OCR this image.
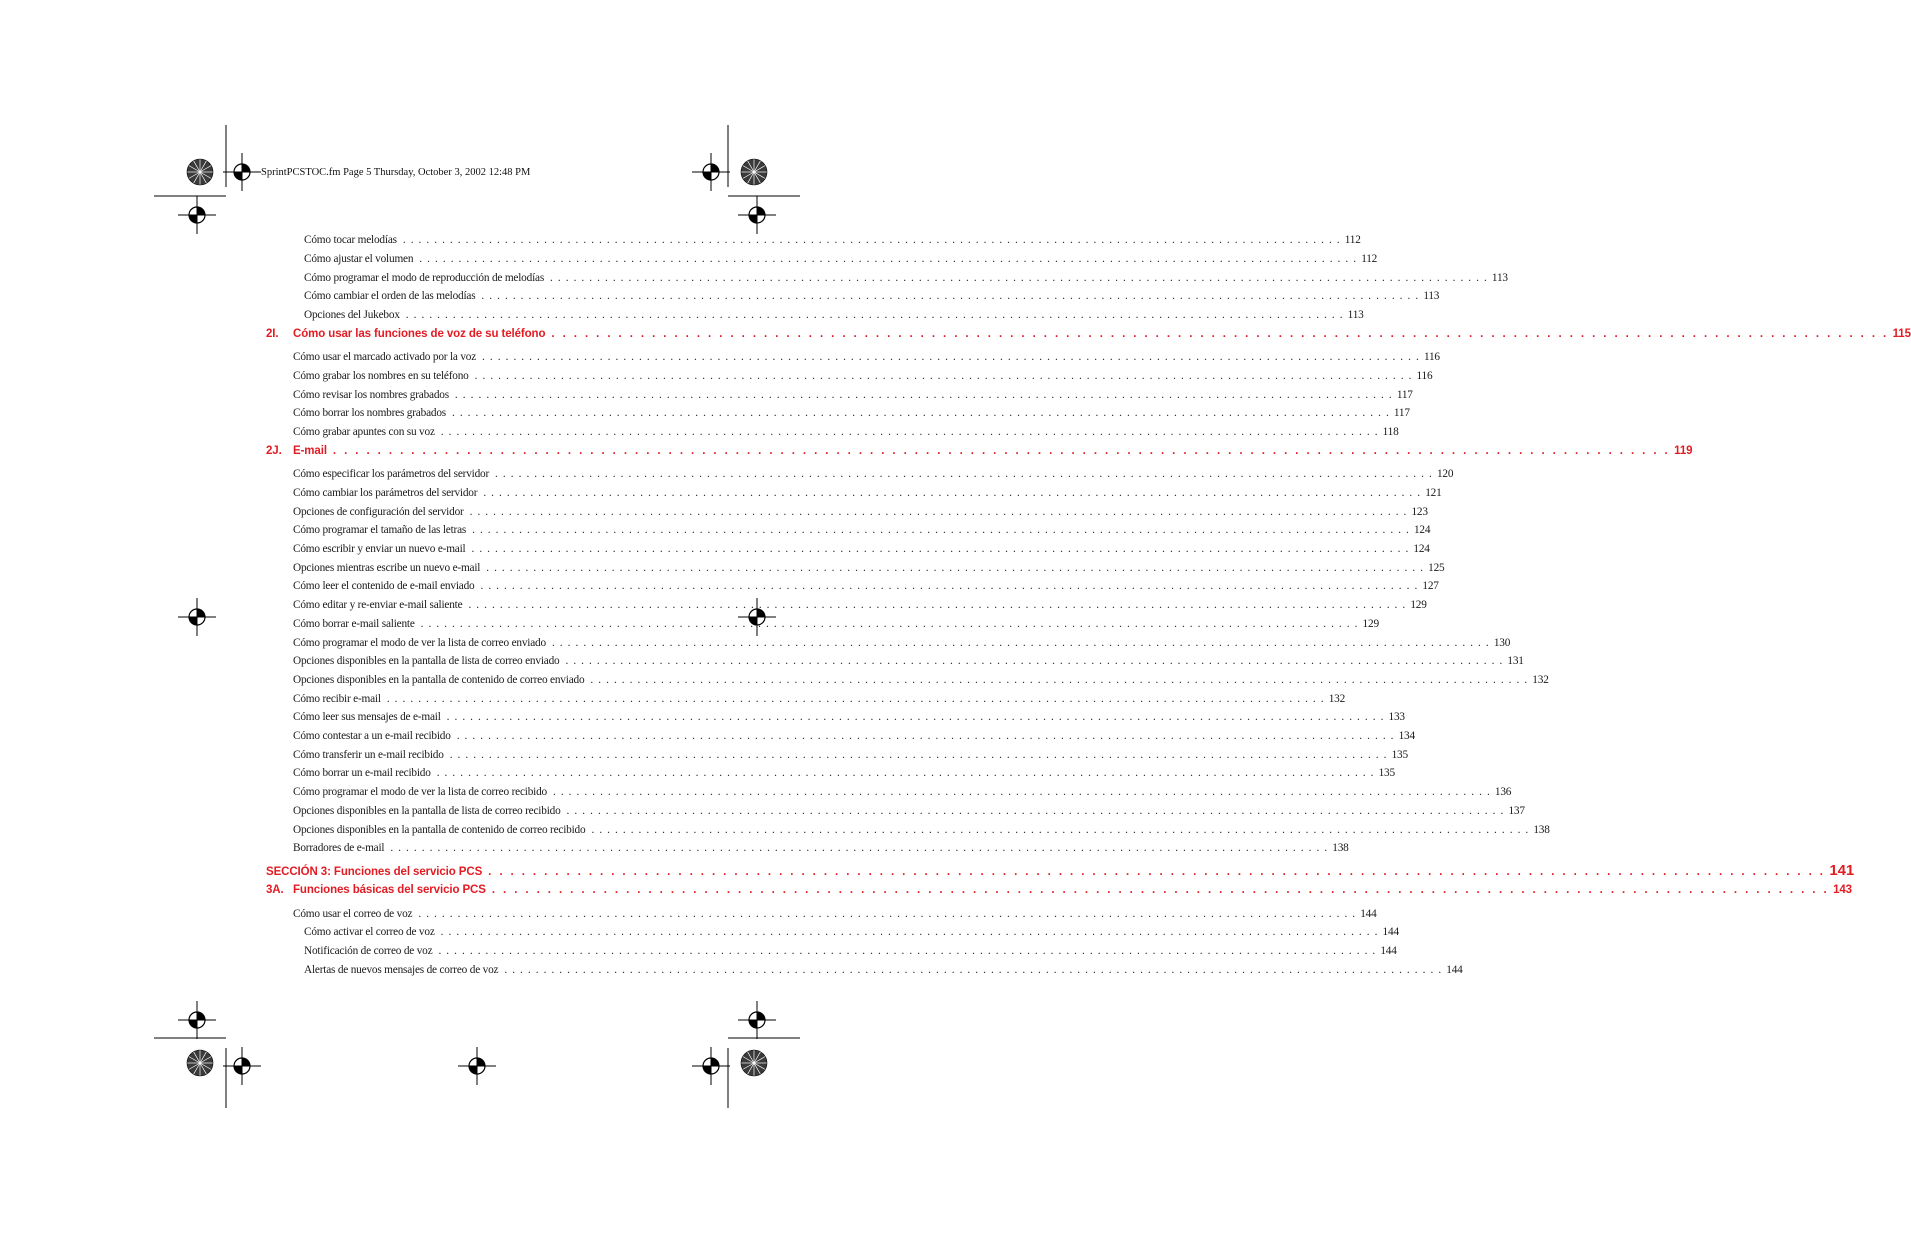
SprintPCSTOC.fm Page 5 Thursday, October 3, 2002 12:48 PM
Cómo tocar melodías . . . . . . . . . . . . . . . . . . . . . . . . . . . . . . . . . . . . . . . . . . . . . . . . . . . . . . . . . . . . . . . . . . . . . . . . . . . . . . . . . . . . . . . . . . . . . . . . . . . . . . . . . . . . . . . . . . . . . . . . 112
Cómo ajustar el volumen . . . . . . . . . . . . . . . . . . . . . . . . . . . . . . . . . . . . . . . . . . . . . . . . . . . . . . . . . . . . . . . . . . . . . . . . . . . . . . . . . . . . . . . . . . . . . . . . . . . . . . . . . . . . . . . . . . . . . . . . 112
Cómo programar el modo de reproducción de melodías . . . . . . . . . . . . . . . . . . . . . . . . . . . . . . . . . . . . . . . . . . . . . . . . . . . . . . . . . . . . . . . . . . . . . . . . . . . . . . . . . . . . . . . . . . . . . . . . . . . . . . . . . . . . . . . . . . . . . . . . 113
Cómo cambiar el orden de las melodías . . . . . . . . . . . . . . . . . . . . . . . . . . . . . . . . . . . . . . . . . . . . . . . . . . . . . . . . . . . . . . . . . . . . . . . . . . . . . . . . . . . . . . . . . . . . . . . . . . . . . . . . . . . . . . . . . . . . . . . . 113
Opciones del Jukebox . . . . . . . . . . . . . . . . . . . . . . . . . . . . . . . . . . . . . . . . . . . . . . . . . . . . . . . . . . . . . . . . . . . . . . . . . . . . . . . . . . . . . . . . . . . . . . . . . . . . . . . . . . . . . . . . . . . . . . . . 113
2I.	Cómo usar las funciones de voz de su teléfono . . . . . . . . . . . . . . . . . . . . . . . . . . . . . . . . . . . . . . . . . . . . . . . . . . . . . . . . . . . . . . . . . . . . . . . . . . . . . . . . . . . . . . . . . . . . . . . . . . . . . . . . . . . . . . . . . . . . . . . . 115
Cómo usar el marcado activado por la voz . . . . . . . . . . . . . . . . . . . . . . . . . . . . . . . . . . . . . . . . . . . . . . . . . . . . . . . . . . . . . . . . . . . . . . . . . . . . . . . . . . . . . . . . . . . . . . . . . . . . . . . . . . . . . . . . . . . . . . . . 116
Cómo grabar los nombres en su teléfono . . . . . . . . . . . . . . . . . . . . . . . . . . . . . . . . . . . . . . . . . . . . . . . . . . . . . . . . . . . . . . . . . . . . . . . . . . . . . . . . . . . . . . . . . . . . . . . . . . . . . . . . . . . . . . . . . . . . . . . . 116
Cómo revisar los nombres grabados . . . . . . . . . . . . . . . . . . . . . . . . . . . . . . . . . . . . . . . . . . . . . . . . . . . . . . . . . . . . . . . . . . . . . . . . . . . . . . . . . . . . . . . . . . . . . . . . . . . . . . . . . . . . . . . . . . . . . . . . 117
Cómo borrar los nombres grabados . . . . . . . . . . . . . . . . . . . . . . . . . . . . . . . . . . . . . . . . . . . . . . . . . . . . . . . . . . . . . . . . . . . . . . . . . . . . . . . . . . . . . . . . . . . . . . . . . . . . . . . . . . . . . . . . . . . . . . . . 117
Cómo grabar apuntes con su voz . . . . . . . . . . . . . . . . . . . . . . . . . . . . . . . . . . . . . . . . . . . . . . . . . . . . . . . . . . . . . . . . . . . . . . . . . . . . . . . . . . . . . . . . . . . . . . . . . . . . . . . . . . . . . . . . . . . . . . . . 118
2J. E-mail . . . . . . . . . . . . . . . . . . . . . . . . . . . . . . . . . . . . . . . . . . . . . . . . . . . . . . . . . . . . . . . . . . . . . . . . . . . . . . . . . . . . . . . . . . . . . . . . . . . . . . . . . . . . . . . . . . . . . . . . 119
Cómo especificar los parámetros del servidor . . . . . . . . . . . . . . . . . . . . . . . . . . . . . . . . . . . . . . . . . . . . . . . . . . . . . . . . . . . . . . . . . . . . . . . . . . . . . . . . . . . . . . . . . . . . . . . . . . . . . . . . . . . . . . . . . . . . . . . . 120
Cómo cambiar los parámetros del servidor . . . . . . . . . . . . . . . . . . . . . . . . . . . . . . . . . . . . . . . . . . . . . . . . . . . . . . . . . . . . . . . . . . . . . . . . . . . . . . . . . . . . . . . . . . . . . . . . . . . . . . . . . . . . . . . . . . . . . . . . 121
Opciones de configuración del servidor . . . . . . . . . . . . . . . . . . . . . . . . . . . . . . . . . . . . . . . . . . . . . . . . . . . . . . . . . . . . . . . . . . . . . . . . . . . . . . . . . . . . . . . . . . . . . . . . . . . . . . . . . . . . . . . . . . . . . . . . 123
Cómo programar el tamaño de las letras . . . . . . . . . . . . . . . . . . . . . . . . . . . . . . . . . . . . . . . . . . . . . . . . . . . . . . . . . . . . . . . . . . . . . . . . . . . . . . . . . . . . . . . . . . . . . . . . . . . . . . . . . . . . . . . . . . . . . . . . 124
Cómo escribir y enviar un nuevo e-mail . . . . . . . . . . . . . . . . . . . . . . . . . . . . . . . . . . . . . . . . . . . . . . . . . . . . . . . . . . . . . . . . . . . . . . . . . . . . . . . . . . . . . . . . . . . . . . . . . . . . . . . . . . . . . . . . . . . . . . . . 124
Opciones mientras escribe un nuevo e-mail . . . . . . . . . . . . . . . . . . . . . . . . . . . . . . . . . . . . . . . . . . . . . . . . . . . . . . . . . . . . . . . . . . . . . . . . . . . . . . . . . . . . . . . . . . . . . . . . . . . . . . . . . . . . . . . . . . . . . . . . 125
Cómo leer el contenido de e-mail enviado . . . . . . . . . . . . . . . . . . . . . . . . . . . . . . . . . . . . . . . . . . . . . . . . . . . . . . . . . . . . . . . . . . . . . . . . . . . . . . . . . . . . . . . . . . . . . . . . . . . . . . . . . . . . . . . . . . . . . . . . 127
Cómo editar y re-enviar e-mail saliente . . . . . . . . . . . . . . . . . . . . . . . . . . . . . . . . . . . . . . . . . . . . . . . . . . . . . . . . . . . . . . . . . . . . . . . . . . . . . . . . . . . . . . . . . . . . . . . . . . . . . . . . . . . . . . . . . . . . . . . . 129
Cómo borrar e-mail saliente . . . . . . . . . . . . . . . . . . . . . . . . . . . . . . . . . . . . . . . . . . . . . . . . . . . . . . . . . . . . . . . . . . . . . . . . . . . . . . . . . . . . . . . . . . . . . . . . . . . . . . . . . . . . . . . . . . . . . . . . 129
Cómo programar el modo de ver la lista de correo enviado . . . . . . . . . . . . . . . . . . . . . . . . . . . . . . . . . . . . . . . . . . . . . . . . . . . . . . . . . . . . . . . . . . . . . . . . . . . . . . . . . . . . . . . . . . . . . . . . . . . . . . . . . . . . . . . . . . . . . . . . 130
Opciones disponibles en la pantalla de lista de correo enviado . . . . . . . . . . . . . . . . . . . . . . . . . . . . . . . . . . . . . . . . . . . . . . . . . . . . . . . . . . . . . . . . . . . . . . . . . . . . . . . . . . . . . . . . . . . . . . . . . . . . . . . . . . . . . . . . . . . . . . . . 131
Opciones disponibles en la pantalla de contenido de correo enviado . . . . . . . . . . . . . . . . . . . . . . . . . . . . . . . . . . . . . . . . . . . . . . . . . . . . . . . . . . . . . . . . . . . . . . . . . . . . . . . . . . . . . . . . . . . . . . . . . . . . . . . . . . . . . . . . . . . . . . . . 132
Cómo recibir e-mail . . . . . . . . . . . . . . . . . . . . . . . . . . . . . . . . . . . . . . . . . . . . . . . . . . . . . . . . . . . . . . . . . . . . . . . . . . . . . . . . . . . . . . . . . . . . . . . . . . . . . . . . . . . . . . . . . . . . . . . . 132
Cómo leer sus mensajes de e-mail . . . . . . . . . . . . . . . . . . . . . . . . . . . . . . . . . . . . . . . . . . . . . . . . . . . . . . . . . . . . . . . . . . . . . . . . . . . . . . . . . . . . . . . . . . . . . . . . . . . . . . . . . . . . . . . . . . . . . . . . 133
Cómo contestar a un e-mail recibido . . . . . . . . . . . . . . . . . . . . . . . . . . . . . . . . . . . . . . . . . . . . . . . . . . . . . . . . . . . . . . . . . . . . . . . . . . . . . . . . . . . . . . . . . . . . . . . . . . . . . . . . . . . . . . . . . . . . . . . . 134
Cómo transferir un e-mail recibido . . . . . . . . . . . . . . . . . . . . . . . . . . . . . . . . . . . . . . . . . . . . . . . . . . . . . . . . . . . . . . . . . . . . . . . . . . . . . . . . . . . . . . . . . . . . . . . . . . . . . . . . . . . . . . . . . . . . . . . . 135
Cómo borrar un e-mail recibido . . . . . . . . . . . . . . . . . . . . . . . . . . . . . . . . . . . . . . . . . . . . . . . . . . . . . . . . . . . . . . . . . . . . . . . . . . . . . . . . . . . . . . . . . . . . . . . . . . . . . . . . . . . . . . . . . . . . . . . . 135
Cómo programar el modo de ver la lista de correo recibido . . . . . . . . . . . . . . . . . . . . . . . . . . . . . . . . . . . . . . . . . . . . . . . . . . . . . . . . . . . . . . . . . . . . . . . . . . . . . . . . . . . . . . . . . . . . . . . . . . . . . . . . . . . . . . . . . . . . . . . . 136
Opciones disponibles en la pantalla de lista de correo recibido . . . . . . . . . . . . . . . . . . . . . . . . . . . . . . . . . . . . . . . . . . . . . . . . . . . . . . . . . . . . . . . . . . . . . . . . . . . . . . . . . . . . . . . . . . . . . . . . . . . . . . . . . . . . . . . . . . . . . . . . 137
Opciones disponibles en la pantalla de contenido de correo recibido . . . . . . . . . . . . . . . . . . . . . . . . . . . . . . . . . . . . . . . . . . . . . . . . . . . . . . . . . . . . . . . . . . . . . . . . . . . . . . . . . . . . . . . . . . . . . . . . . . . . . . . . . . . . . . . . . . . . . . . . 138
Borradores de e-mail . . . . . . . . . . . . . . . . . . . . . . . . . . . . . . . . . . . . . . . . . . . . . . . . . . . . . . . . . . . . . . . . . . . . . . . . . . . . . . . . . . . . . . . . . . . . . . . . . . . . . . . . . . . . . . . . . . . . . . . . 138
SECCIÓN 3: Funciones del servicio PCS . . . . . . . . . . . . . . . . . . . . . . . . . . . . . . . . . . . . . . . . . . . . . . . . . . . . . . . . . . . . . . . . . . . . . . . . . . . . . . . . . . . . . . . . . . . . . . . . . . . . . . . . . . . . . . . . . . . . . . . . 141
3A. Funciones básicas del servicio PCS . . . . . . . . . . . . . . . . . . . . . . . . . . . . . . . . . . . . . . . . . . . . . . . . . . . . . . . . . . . . . . . . . . . . . . . . . . . . . . . . . . . . . . . . . . . . . . . . . . . . . . . . . . . . . . . . . . . . . . . . 143
Cómo usar el correo de voz . . . . . . . . . . . . . . . . . . . . . . . . . . . . . . . . . . . . . . . . . . . . . . . . . . . . . . . . . . . . . . . . . . . . . . . . . . . . . . . . . . . . . . . . . . . . . . . . . . . . . . . . . . . . . . . . . . . . . . . . 144
Cómo activar el correo de voz . . . . . . . . . . . . . . . . . . . . . . . . . . . . . . . . . . . . . . . . . . . . . . . . . . . . . . . . . . . . . . . . . . . . . . . . . . . . . . . . . . . . . . . . . . . . . . . . . . . . . . . . . . . . . . . . . . . . . . . . 144
Notificación de correo de voz . . . . . . . . . . . . . . . . . . . . . . . . . . . . . . . . . . . . . . . . . . . . . . . . . . . . . . . . . . . . . . . . . . . . . . . . . . . . . . . . . . . . . . . . . . . . . . . . . . . . . . . . . . . . . . . . . . . . . . . . 144
Alertas de nuevos mensajes de correo de voz . . . . . . . . . . . . . . . . . . . . . . . . . . . . . . . . . . . . . . . . . . . . . . . . . . . . . . . . . . . . . . . . . . . . . . . . . . . . . . . . . . . . . . . . . . . . . . . . . . . . . . . . . . . . . . . . . . . . . . . . 144
